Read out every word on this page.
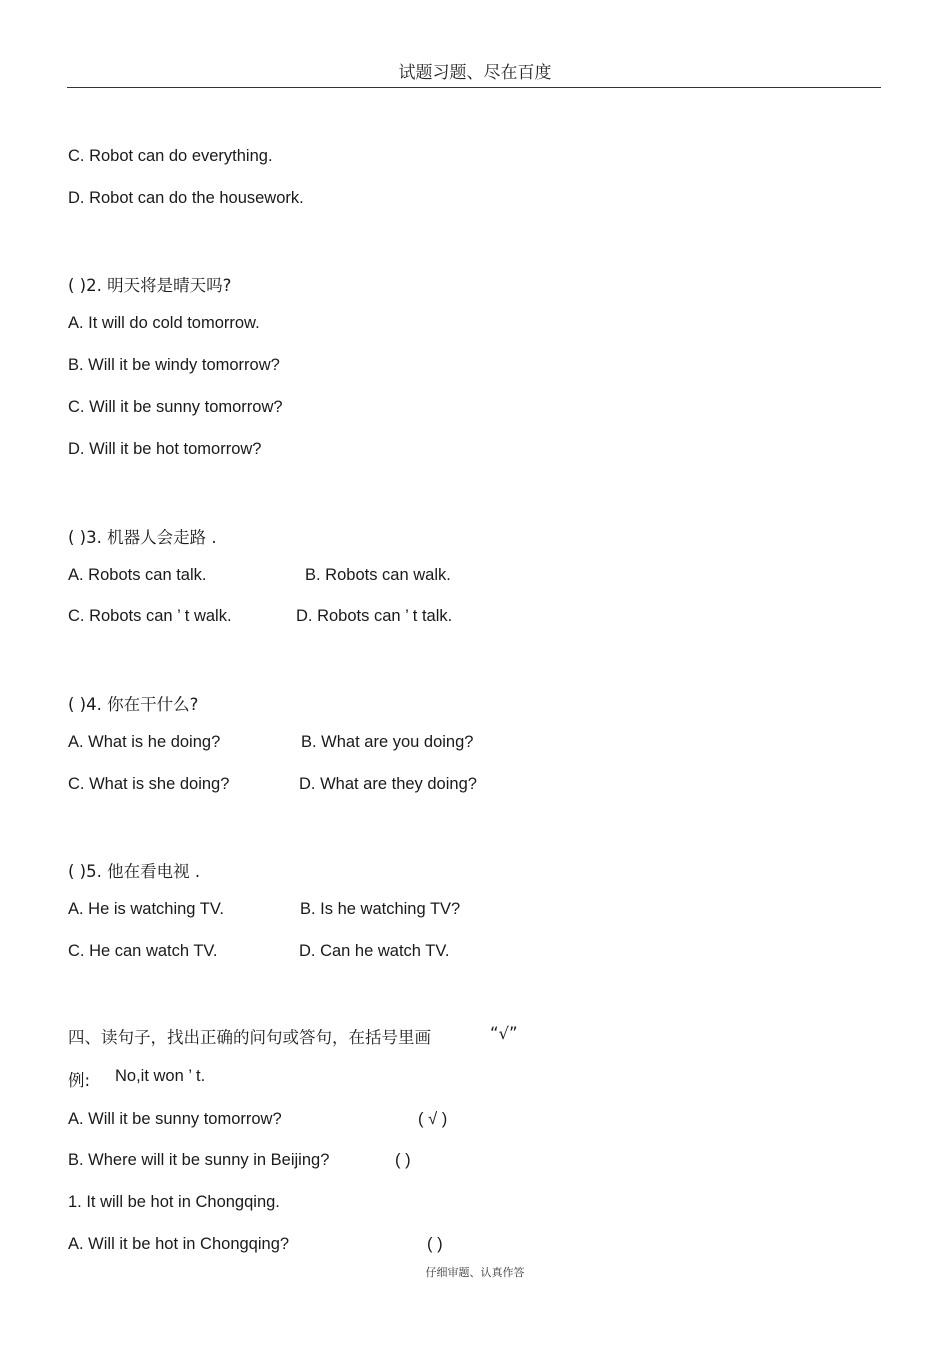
试题习题、尽在百度
C. Robot can do everything.
D. Robot can do the housework.
( )2. 明天将是晴天吗?
A. It will do cold tomorrow.
B. Will it be windy tomorrow?
C. Will it be sunny tomorrow?
D. Will it be hot tomorrow?
( )3. 机器人会走路 .
A. Robots can talk.	B. Robots can walk.
C. Robots can ’ t walk.	D. Robots can ’ t talk.
( )4. 你在干什么?
A. What is he doing?	B. What are you doing?
C. What is she doing?	D. What are they doing?
( )5. 他在看电视 .
A. He is watching TV.	B. Is he watching TV?
C. He can watch TV.	D. Can he watch TV.
四、读句子，找出正确的问句或答句，在括号里画	“√”
例: No,it won ’ t.
A. Will it be sunny tomorrow?	( √ )
B. Where will it be sunny in Beijing?	( )
1. It will be hot in Chongqing.
A. Will it be hot in Chongqing?	( )
仔细审题、认真作答
